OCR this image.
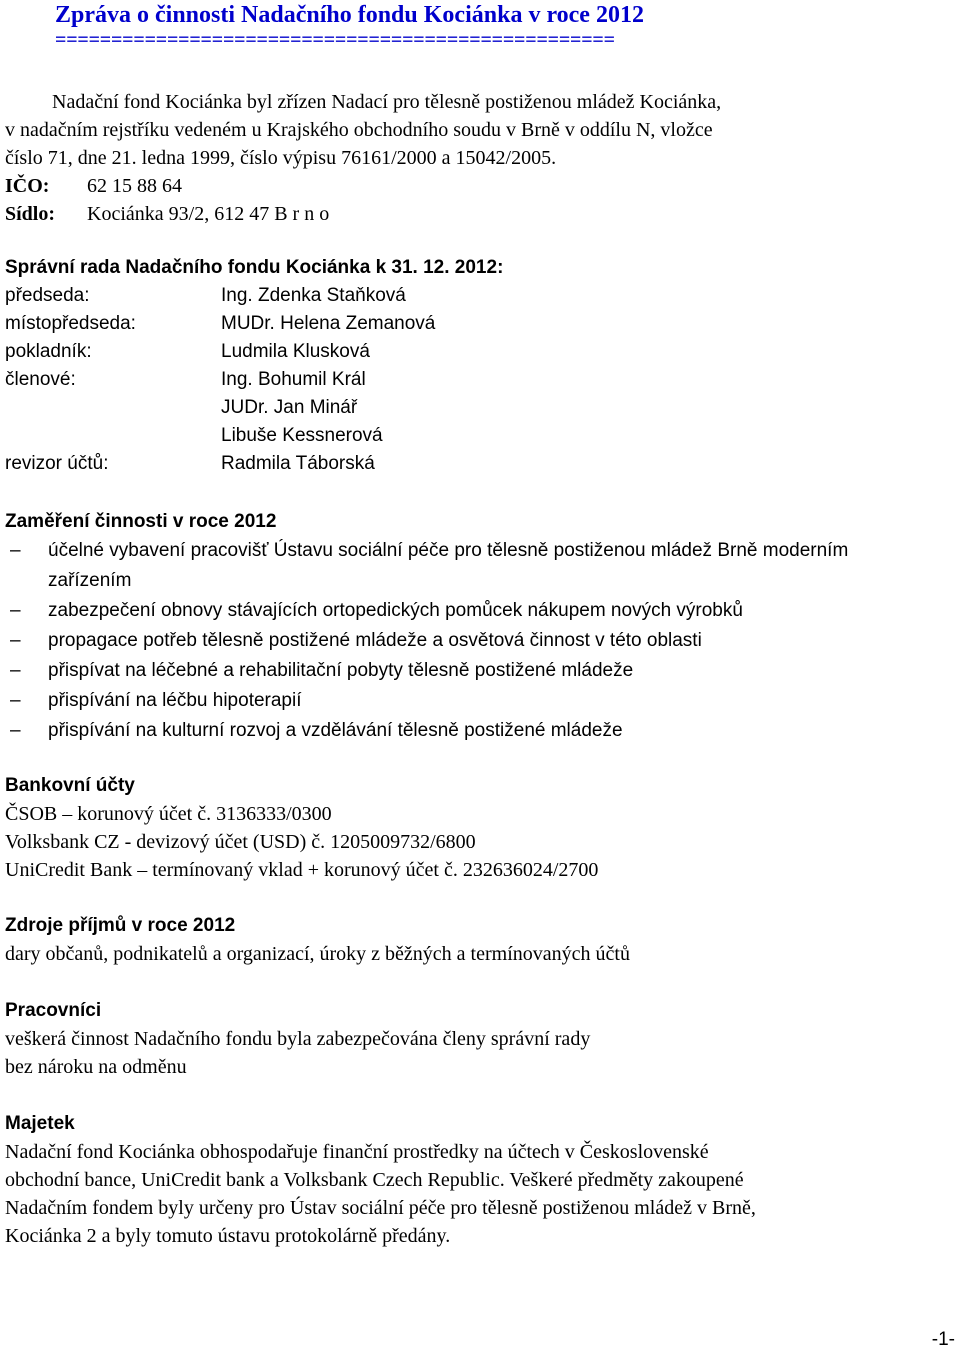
Zpráva o činnosti Nadačního fondu Kociánka v roce 2012
==================================================
Nadační fond Kociánka byl zřízen Nadací pro tělesně postiženou mládež Kociánka,
v nadačním rejstříku vedeném u Krajského obchodního soudu v Brně v oddílu N, vložce
číslo 71, dne 21. ledna 1999, číslo výpisu 76161/2000 a 15042/2005.
IČO: 62 15 88 64
Sídlo: Kociánka 93/2, 612 47 B r n o
Správní rada Nadačního fondu Kociánka k 31. 12. 2012:
předseda:	Ing. Zdenka Staňková
místopředseda:	MUDr. Helena Zemanová
pokladník:	Ludmila Klusková
členové:	Ing. Bohumil Král
JUDr. Jan Minář
Libuše Kessnerová
revizor účtů:	Radmila Táborská
Zaměření činnosti v roce 2012
– účelné vybavení pracovišť Ústavu sociální péče pro tělesně postiženou mládež Brně moderním zařízením
– zabezpečení obnovy stávajících ortopedických pomůcek nákupem nových výrobků
– propagace potřeb tělesně postižené mládeže a osvětová činnost v této oblasti
– přispívat na léčebné a rehabilitační pobyty tělesně postižené mládeže
– přispívání na léčbu hipoterapií
– přispívání na kulturní rozvoj a vzdělávání tělesně postižené mládeže
Bankovní účty
ČSOB – korunový účet č. 3136333/0300
Volksbank CZ - devizový účet (USD) č. 1205009732/6800
UniCredit Bank – termínovaný vklad + korunový účet č. 232636024/2700
Zdroje příjmů v roce 2012
dary občanů, podnikatelů a organizací, úroky z běžných a termínovaných účtů
Pracovníci
veškerá činnost Nadačního fondu byla zabezpečována členy správní rady
bez nároku na odměnu
Majetek
Nadační fond Kociánka obhospodařuje finanční prostředky na účtech v Československé
obchodní bance, UniCredit bank a Volksbank Czech Republic. Veškeré předměty zakoupené
Nadačním fondem byly určeny pro Ústav sociální péče pro tělesně postiženou mládež v Brně,
Kociánka 2 a byly tomuto ústavu protokolárně předány.
-1-
